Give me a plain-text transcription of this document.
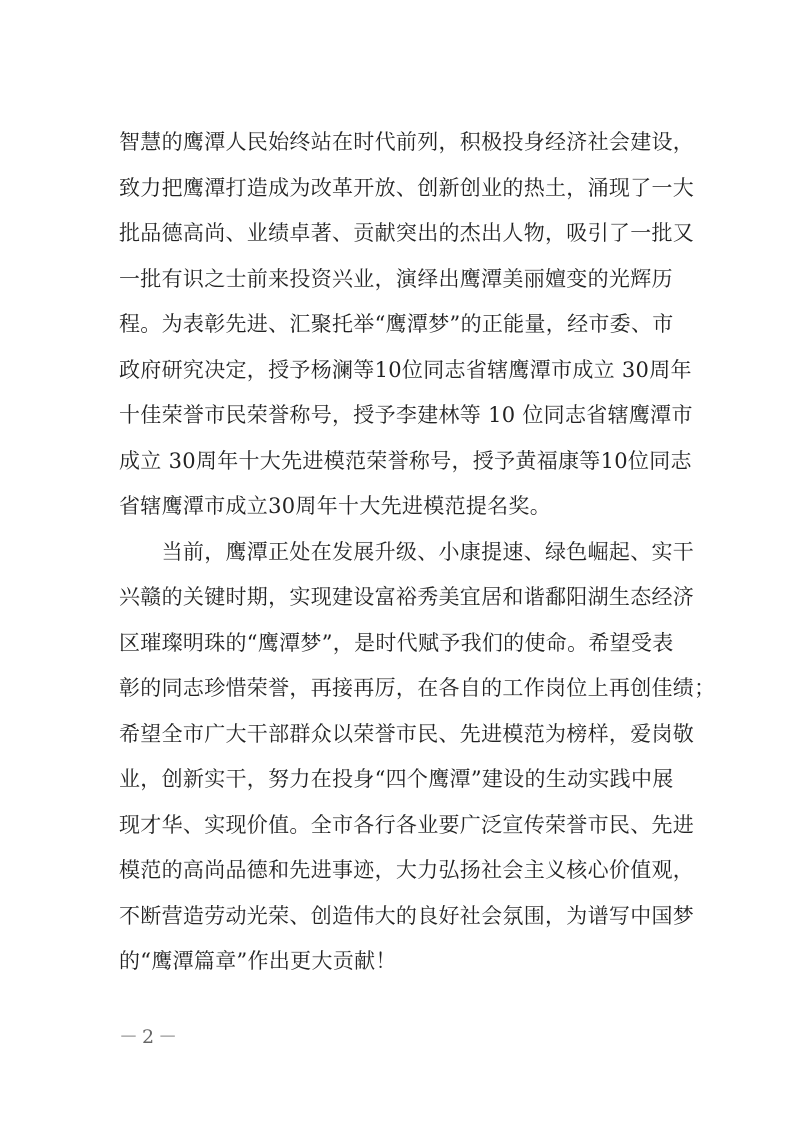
智慧的鹰潭人民始终站在时代前列，积极投身经济社会建设，
致力把鹰潭打造成为改革开放、创新创业的热土，涌现了一大
批品德高尚、业绩卓著、贡献突出的杰出人物，吸引了一批又
一批有识之士前来投资兴业，演绎出鹰潭美丽嬗变的光辉历
程。为表彰先进、汇聚托举“鹰潭梦”的正能量，经市委、市
政府研究决定，授予杨澜等10位同志省辖鹰潭市成立 30周年
十佳荣誉市民荣誉称号，授予李建林等 10 位同志省辖鹰潭市
成立 30周年十大先进模范荣誉称号，授予黄福康等10位同志
省辖鹰潭市成立30周年十大先进模范提名奖。
　　当前，鹰潭正处在发展升级、小康提速、绿色崛起、实干
兴赣的关键时期，实现建设富裕秀美宜居和谐鄱阳湖生态经济
区璀璨明珠的“鹰潭梦”，是时代赋予我们的使命。希望受表
彰的同志珍惜荣誉，再接再厉，在各自的工作岗位上再创佳绩；
希望全市广大干部群众以荣誉市民、先进模范为榜样，爱岗敬
业，创新实干，努力在投身“四个鹰潭”建设的生动实践中展
现才华、实现价值。全市各行各业要广泛宣传荣誉市民、先进
模范的高尚品德和先进事迹，大力弘扬社会主义核心价值观，
不断营造劳动光荣、创造伟大的良好社会氛围，为谱写中国梦
的“鹰潭篇章”作出更大贡献！
－2－
